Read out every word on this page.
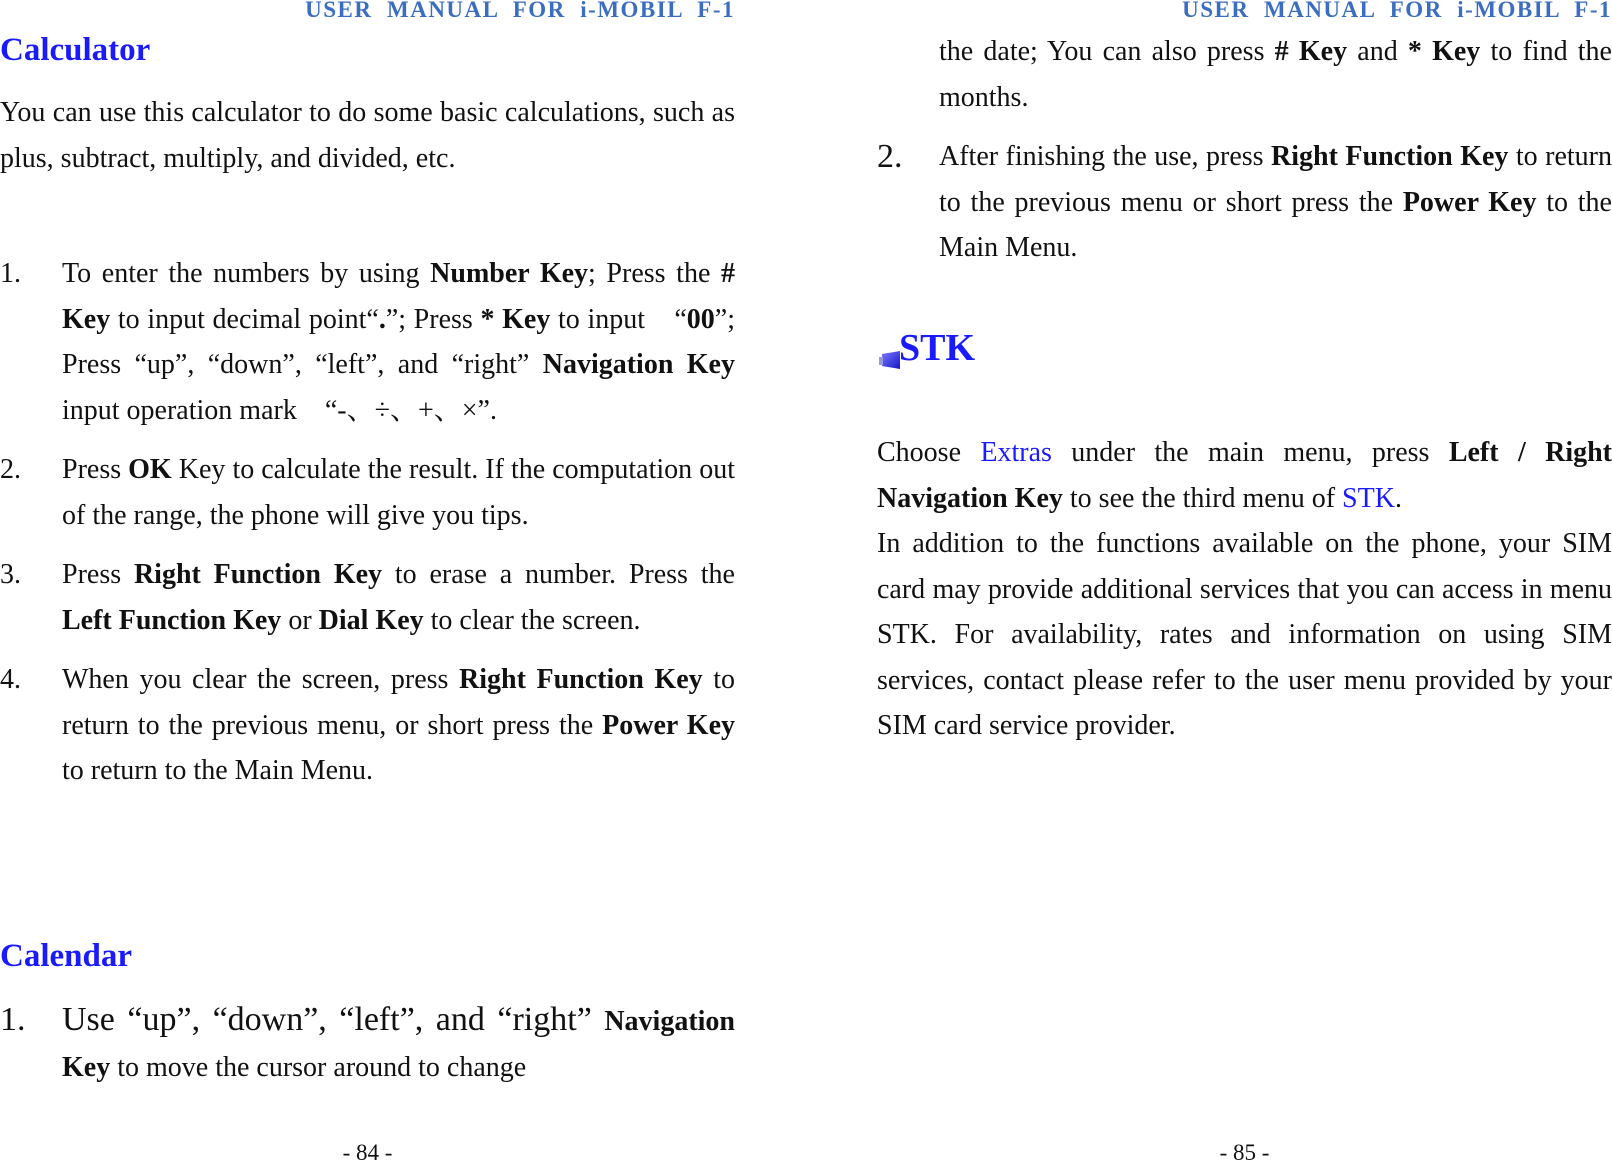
USER  MANUAL  FOR  i-MOBIL  F-1
Calculator

You can use this calculator to do some basic calculations, such as plus, subtract, multiply, and divided, etc.

1. To enter the numbers by using Number Key; Press the # Key to input decimal point“.”; Press * Key to input　“00”; Press “up”, “down”, “left”, and “right” Navigation Key input operation mark　“-、÷、+、×”.

2. Press OK Key to calculate the result. If the computation out of the range, the phone will give you tips.

3. Press Right Function Key to erase a number. Press the Left Function Key or Dial Key to clear the screen.

4. When you clear the screen, press Right Function Key to return to the previous menu, or short press the Power Key to return to the Main Menu.

Calendar
1. Use “up”, “down”, “left”, and “right” Navigation Key to move the cursor around to change

- 84 -
USER  MANUAL  FOR  i-MOBIL  F-1

the date; You can also press # Key and * Key to find the months.

2. After finishing the use, press Right Function Key to return to the previous menu or short press the Power Key to the Main Menu.

STK

Choose Extras under the main menu, press Left / Right Navigation Key to see the third menu of STK.

In addition to the functions available on the phone, your SIM card may provide additional services that you can access in menu STK. For availability, rates and information on using SIM services, contact please refer to the user menu provided by your SIM card service provider.

- 85 -
